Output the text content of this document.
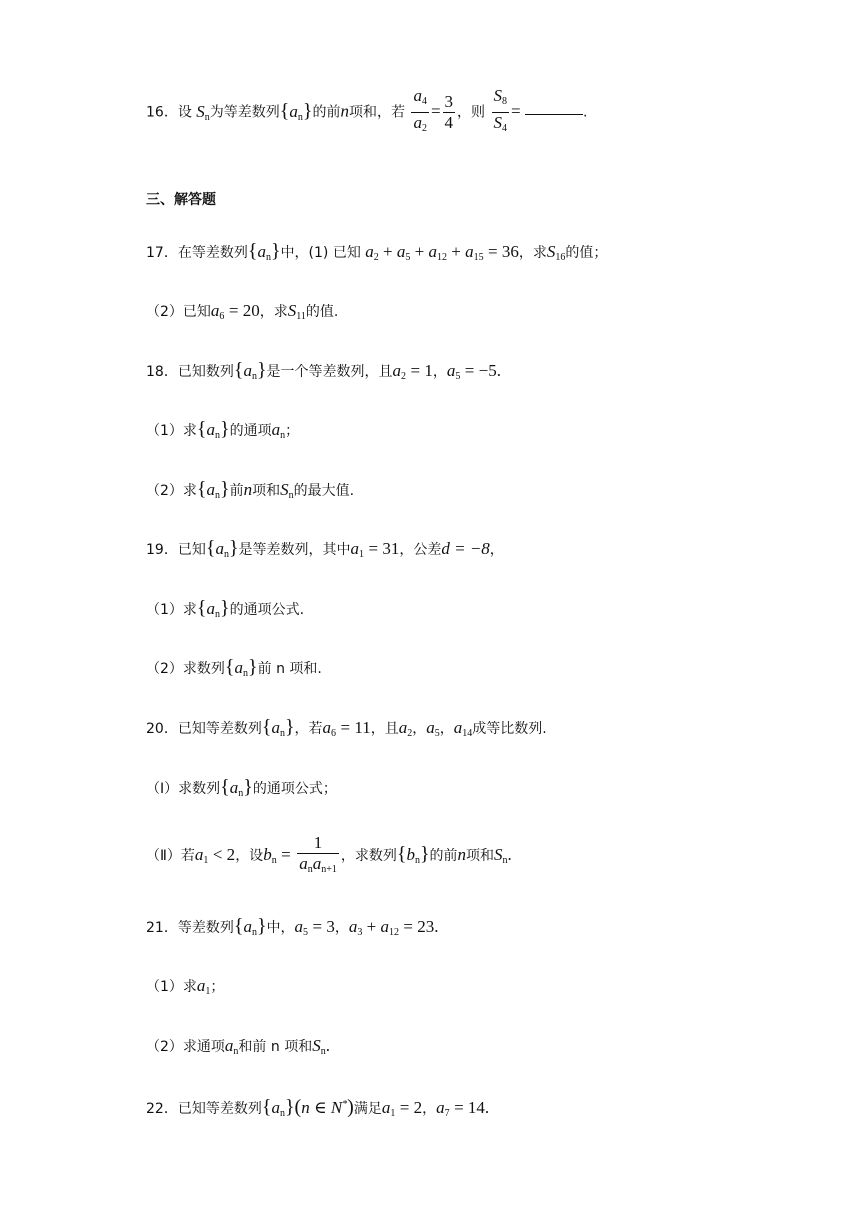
16．设 $S_n$为等差数列$\{a_n\}$的前n项和，若 $\frac{a_4}{a_2} = \frac{3}{4}$ ，则 $\frac{S_8}{S_4}$ =	.
三、解答题
17．在等差数列$\{a_n\}$中，(1) 已知 $a_2 + a_5 + a_{12} + a_{15} = 36$，求$S_{16}$的值；
（2）已知$a_6 = 20$，求$S_{11}$的值.
18．已知数列$\{a_n\}$是一个等差数列，且$a_2 = 1$，$a_5 = -5$.
（1）求$\{a_n\}$的通项$a_n$；
（2）求$\{a_n\}$前n项和$S_n$的最大值.
19．已知$\{a_n\}$是等差数列，其中$a_1 = 31$，公差d = −8，
（1）求$\{a_n\}$的通项公式.
（2）求数列$\{a_n\}$前 n 项和.
20．已知等差数列$\{a_n\}$，若$a_6 = 11$，且$a_2$，$a_5$，$a_{14}$成等比数列.
（Ⅰ）求数列$\{a_n\}$的通项公式；
（Ⅱ）若$a_1 < 2$，设$b_n = \frac{1}{a_na_{n+1}}$ ，求数列$\{b_n\}$的前n项和$S_n$.
21．等差数列$\{a_n\}$中，$a_5 = 3$，$a_3 + a_{12} = 23$.
（1）求$a_1$；
（2）求通项$a_n$和前 n 项和$S_n$.
22．已知等差数列$\{a_n\}(n$ ∈ N*)满足$a_1 = 2$，$a_7 = 14$.
